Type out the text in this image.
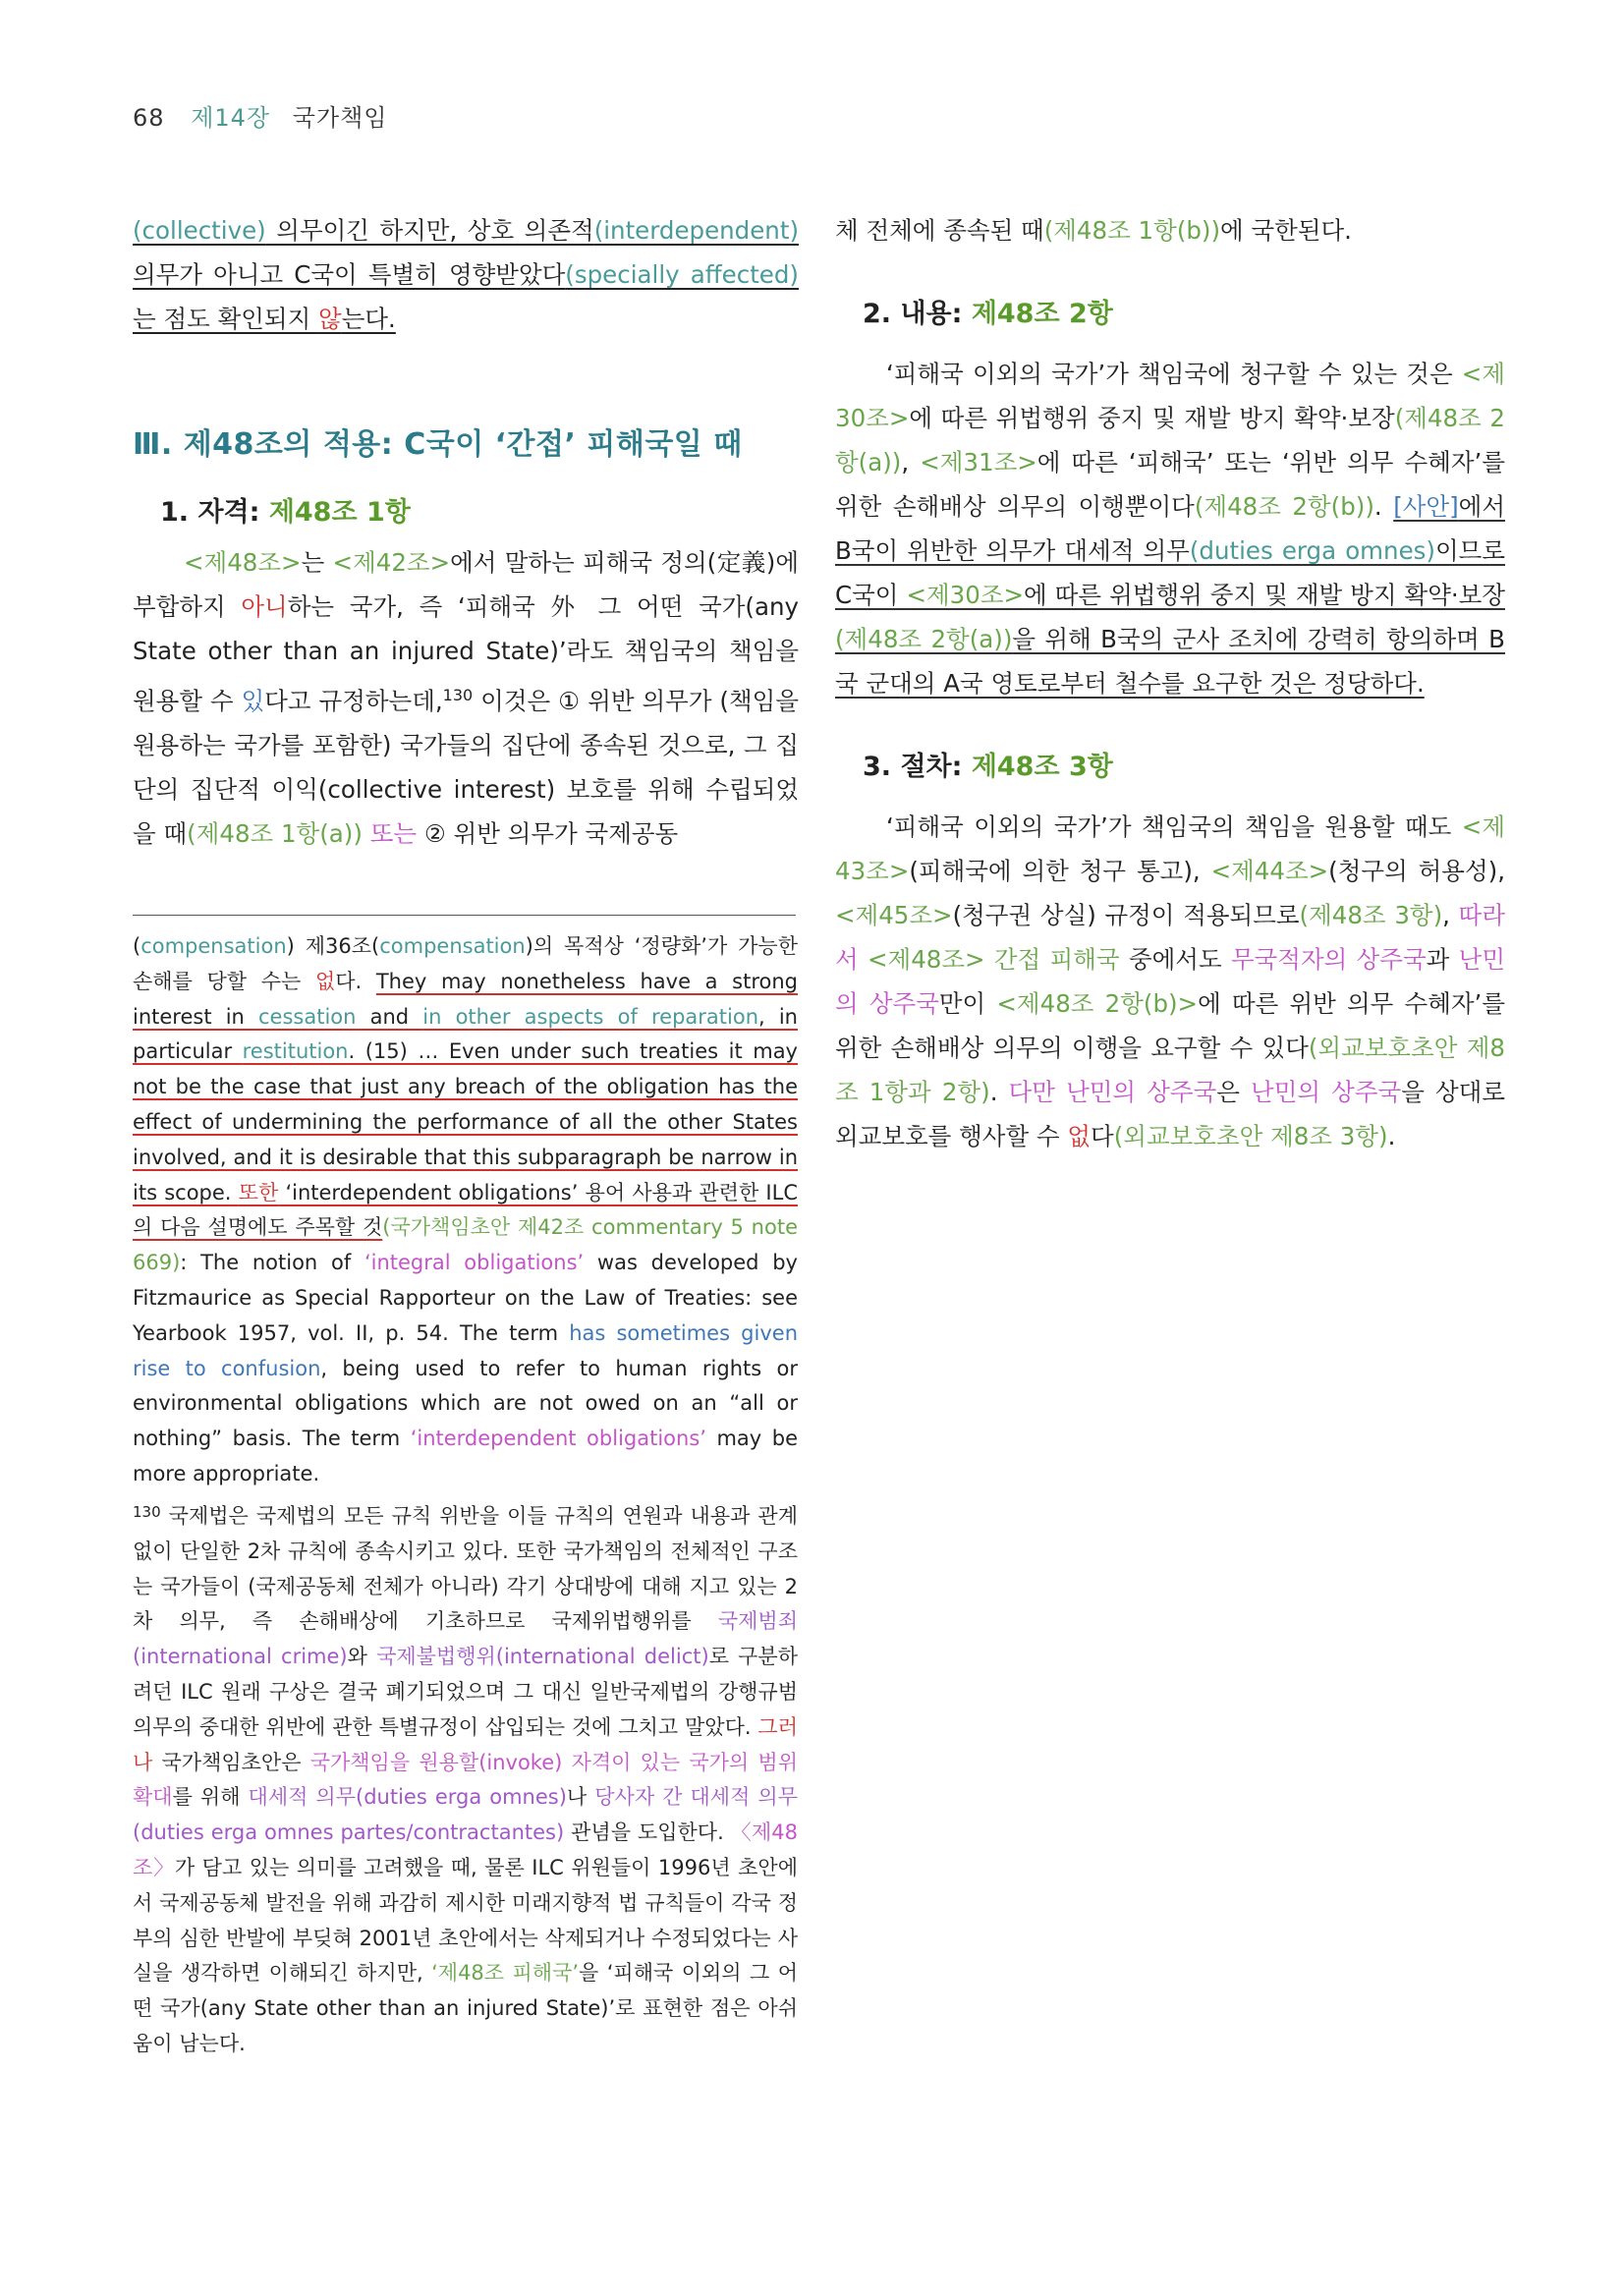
68 제14장 국가책임

(collective) 의무이긴 하지만, 상호 의존적(interdependent) 의무가 아니고 C국이 특별히 영향받았다(specially affected) 는 점도 확인되지 않는다.

Ⅲ. 제48조의 적용: C국이 ‘간접’ 피해국일 때

1. 자격: 제48조 1항

<제48조>는 <제42조>에서 말하는 피해국 정의(定義)에 부합하지 아니하는 국가, 즉 ‘피해국 外 그 어떤 국가(any State other than an injured State)’라도 책임국의 책임을 원용할 수 있다고 규정하는데,$^{130}$ 이것은 ① 위반 의무가 (책임을 원용하는 국가를 포함한) 국가들의 집단에 종속된 것으로, 그 집단의 집단적 이익(collective interest) 보호를 위해 수립되었을 때(제48조 1항(a)) 또는 ② 위반 의무가 국제공동

(compensation) 제36조(compensation)의 목적상 ‘정량화’가 가능한 손해를 당할 수는 없다. They may nonetheless have a strong interest in cessation and in other aspects of reparation, in particular restitution. (15) … Even under such treaties it may not be the case that just any breach of the obligation has the effect of undermining the performance of all the other States involved, and it is desirable that this subparagraph be narrow in its scope. 또한 ‘interdependent obligations’ 용어 사용과 관련한 ILC의 다음 설명에도 주목할 것(국가책임초안 제42조 commentary 5 note 669): The notion of ‘integral obligations’ was developed by Fitzmaurice as Special Rapporteur on the Law of Treaties: see Yearbook 1957, vol. II, p. 54. The term has sometimes given rise to confusion, being used to refer to human rights or environmental obligations which are not owed on an “all or nothing” basis. The term ‘interdependent obligations’ may be more appropriate.

$^{130}$ 국제법은 국제법의 모든 규칙 위반을 이들 규칙의 연원과 내용과 관계없이 단일한 2차 규칙에 종속시키고 있다. 또한 국가책임의 전체적인 구조는 국가들이 (국제공동체 전체가 아니라) 각기 상대방에 대해 지고 있는 2차 의무, 즉 손해배상에 기초하므로 국제위법행위를 국제범죄(international crime)와 국제불법행위(international delict)로 구분하려던 ILC 원래 구상은 결국 폐기되었으며 그 대신 일반국제법의 강행규범 의무의 중대한 위반에 관한 특별규정이 삽입되는 것에 그치고 말았다. 그러나 국가책임초안은 국가책임을 원용할(invoke) 자격이 있는 국가의 범위 확대를 위해 대세적 의무(duties erga omnes)나 당사자 간 대세적 의무(duties erga omnes partes/contractantes) 관념을 도입한다. 〈제48조〉가 담고 있는 의미를 고려했을 때, 물론 ILC 위원들이 1996년 초안에서 국제공동체 발전을 위해 과감히 제시한 미래지향적 법 규칙들이 각국 정부의 심한 반발에 부딪혀 2001년 초안에서는 삭제되거나 수정되었다는 사실을 생각하면 이해되긴 하지만, ‘제48조 피해국’을 ‘피해국 이외의 그 어떤 국가(any State other than an injured State)’로 표현한 점은 아쉬움이 남는다.

체 전체에 종속된 때(제48조 1항(b))에 국한된다.

2. 내용: 제48조 2항

‘피해국 이외의 국가’가 책임국에 청구할 수 있는 것은 <제30조>에 따른 위법행위 중지 및 재발 방지 확약·보장(제48조 2항(a)), <제31조>에 따른 ‘피해국’ 또는 ‘위반 의무 수혜자’를 위한 손해배상 의무의 이행뿐이다(제48조 2항(b)). [사안]에서 B국이 위반한 의무가 대세적 의무(duties erga omnes)이므로 C국이 <제30조>에 따른 위법행위 중지 및 재발 방지 확약·보장(제48조 2항(a))을 위해 B국의 군사 조치에 강력히 항의하며 B국 군대의 A국 영토로부터 철수를 요구한 것은 정당하다.

3. 절차: 제48조 3항

‘피해국 이외의 국가’가 책임국의 책임을 원용할 때도 <제43조>(피해국에 의한 청구 통고), <제44조>(청구의 허용성), <제45조>(청구권 상실) 규정이 적용되므로(제48조 3항), 따라서 <제48조> 간접 피해국 중에서도 무국적자의 상주국과 난민의 상주국만이 <제48조 2항(b)>에 따른 위반 의무 수혜자’를 위한 손해배상 의무의 이행을 요구할 수 있다(외교보호초안 제8조 1항과 2항). 다만 난민의 상주국은 난민의 상주국을 상대로 외교보호를 행사할 수 없다(외교보호초안 제8조 3항).
